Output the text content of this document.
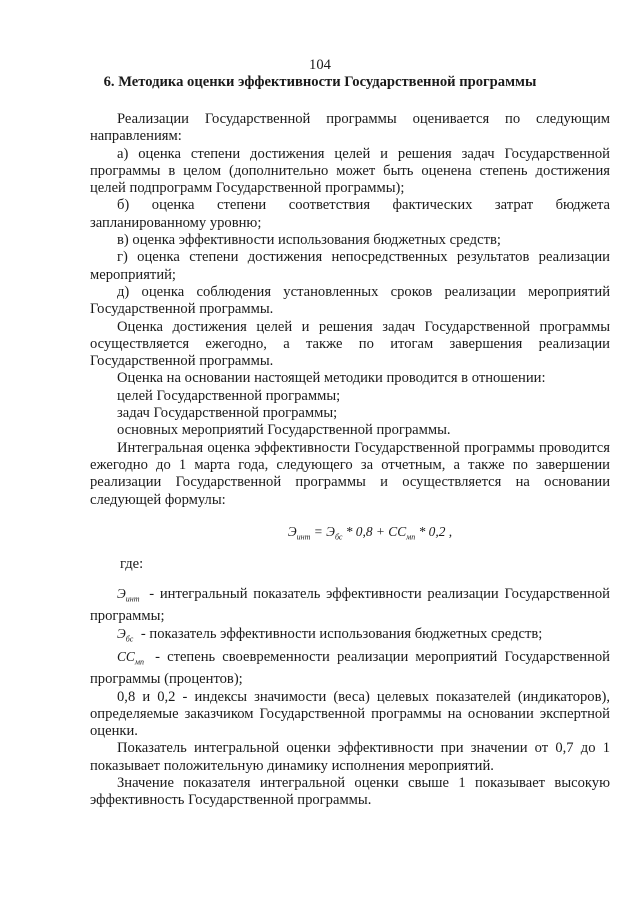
104
6. Методика оценки эффективности Государственной программы

Реализации Государственной программы оценивается по следующим направлениям:

а) оценка степени достижения целей и решения задач Государственной программы в целом (дополнительно может быть оценена степень достижения целей подпрограмм Государственной программы);

б) оценка степени соответствия фактических затрат бюджета запланированному уровню;

в) оценка эффективности использования бюджетных средств;

г) оценка степени достижения непосредственных результатов реализации мероприятий;

д) оценка соблюдения установленных сроков реализации мероприятий Государственной программы.

Оценка достижения целей и решения задач Государственной программы осуществляется ежегодно, а также по итогам завершения реализации Государственной программы.

Оценка на основании настоящей методики проводится в отношении:

целей Государственной программы;

задач Государственной программы;

основных мероприятий Государственной программы.

Интегральная оценка эффективности Государственной программы проводится ежегодно до 1 марта года, следующего за отчетным, а также по завершении реализации Государственной программы и осуществляется на основании следующей формулы:

$Э_{инт} = Э_{бс} * 0,8 + СС_{мп} * 0,2$ ,

где:

$Э_{инт}$ - интегральный показатель эффективности реализации Государственной программы;

$Э_{бс}$ - показатель эффективности использования бюджетных средств;

$СС_{мп}$ - степень своевременности реализации мероприятий Государственной программы (процентов);

0,8 и 0,2 - индексы значимости (веса) целевых показателей (индикаторов), определяемые заказчиком Государственной программы на основании экспертной оценки.

Показатель интегральной оценки эффективности при значении от 0,7 до 1 показывает положительную динамику исполнения мероприятий.

Значение показателя интегральной оценки свыше 1 показывает высокую эффективность Государственной программы.
